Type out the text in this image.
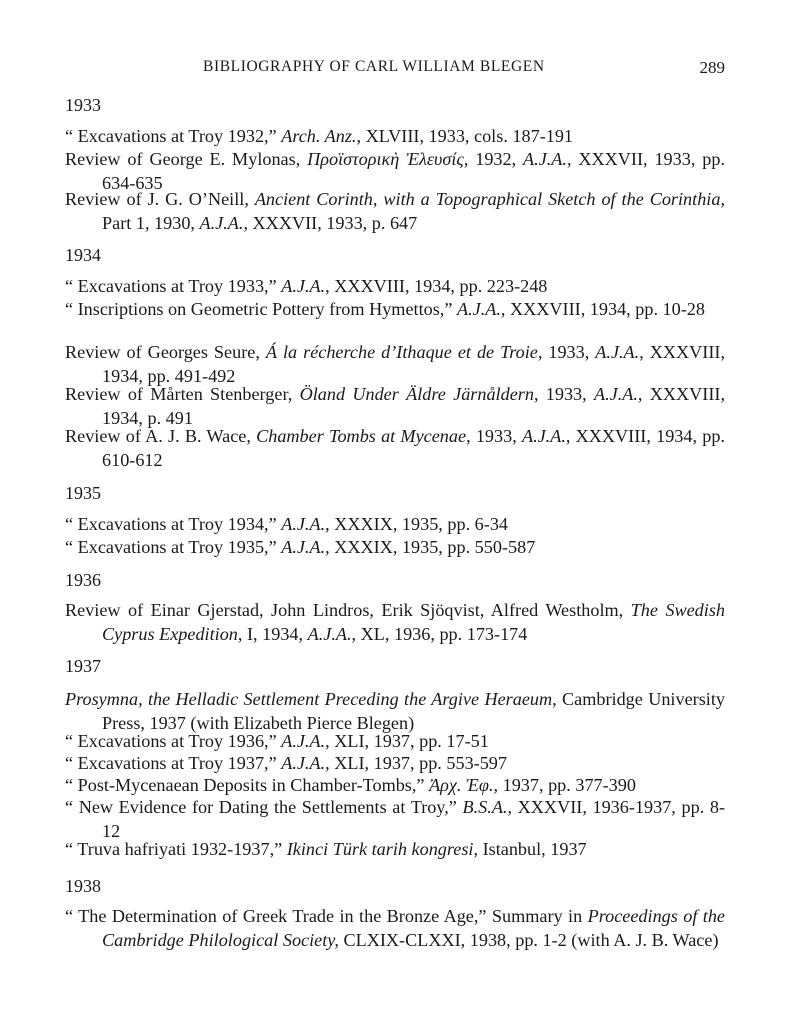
BIBLIOGRAPHY OF CARL WILLIAM BLEGEN	289
1933
“ Excavations at Troy 1932,” Arch. Anz., XLVIII, 1933, cols. 187-191
Review of George E. Mylonas, Προϊστορικὴ Ἐλευσίς, 1932, A.J.A., XXXVII, 1933, pp. 634-635
Review of J. G. O’Neill, Ancient Corinth, with a Topographical Sketch of the Corinthia, Part 1, 1930, A.J.A., XXXVII, 1933, p. 647
1934
“ Excavations at Troy 1933,” A.J.A., XXXVIII, 1934, pp. 223-248
“ Inscriptions on Geometric Pottery from Hymettos,” A.J.A., XXXVIII, 1934, pp. 10-28
Review of Georges Seure, Á la récherche d’Ithaque et de Troie, 1933, A.J.A., XXXVIII, 1934, pp. 491-492
Review of Mårten Stenberger, Öland Under Äldre Järnåldern, 1933, A.J.A., XXXVIII, 1934, p. 491
Review of A. J. B. Wace, Chamber Tombs at Mycenae, 1933, A.J.A., XXXVIII, 1934, pp. 610-612
1935
“ Excavations at Troy 1934,” A.J.A., XXXIX, 1935, pp. 6-34
“ Excavations at Troy 1935,” A.J.A., XXXIX, 1935, pp. 550-587
1936
Review of Einar Gjerstad, John Lindros, Erik Sjöqvist, Alfred Westholm, The Swedish Cyprus Expedition, I, 1934, A.J.A., XL, 1936, pp. 173-174
1937
Prosymna, the Helladic Settlement Preceding the Argive Heraeum, Cambridge University Press, 1937 (with Elizabeth Pierce Blegen)
“ Excavations at Troy 1936,” A.J.A., XLI, 1937, pp. 17-51
“ Excavations at Troy 1937,” A.J.A., XLI, 1937, pp. 553-597
“ Post-Mycenaean Deposits in Chamber-Tombs,” Ἀρχ. Ἐφ., 1937, pp. 377-390
“ New Evidence for Dating the Settlements at Troy,” B.S.A., XXXVII, 1936-1937, pp. 8-12
“ Truva hafriyati 1932-1937,” Ikinci Türk tarih kongresi, Istanbul, 1937
1938
“ The Determination of Greek Trade in the Bronze Age,” Summary in Proceedings of the Cambridge Philological Society, CLXIX-CLXXI, 1938, pp. 1-2 (with A. J. B. Wace)
